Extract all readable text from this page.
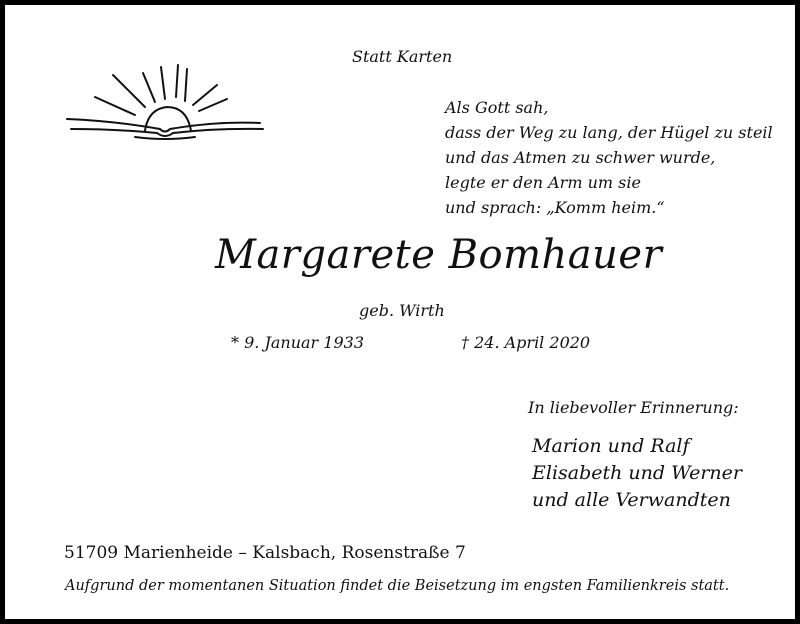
Statt Karten
Als Gott sah,
dass der Weg zu lang, der Hügel zu steil
und das Atmen zu schwer wurde,
legte er den Arm um sie
und sprach: „Komm heim.“
Margarete Bomhauer
geb. Wirth
* 9. Januar 1933	† 24. April 2020
In liebevoller Erinnerung:
Marion und Ralf
Elisabeth und Werner
und alle Verwandten
51709 Marienheide – Kalsbach, Rosenstraße 7
Aufgrund der momentanen Situation findet die Beisetzung im engsten Familienkreis statt.
